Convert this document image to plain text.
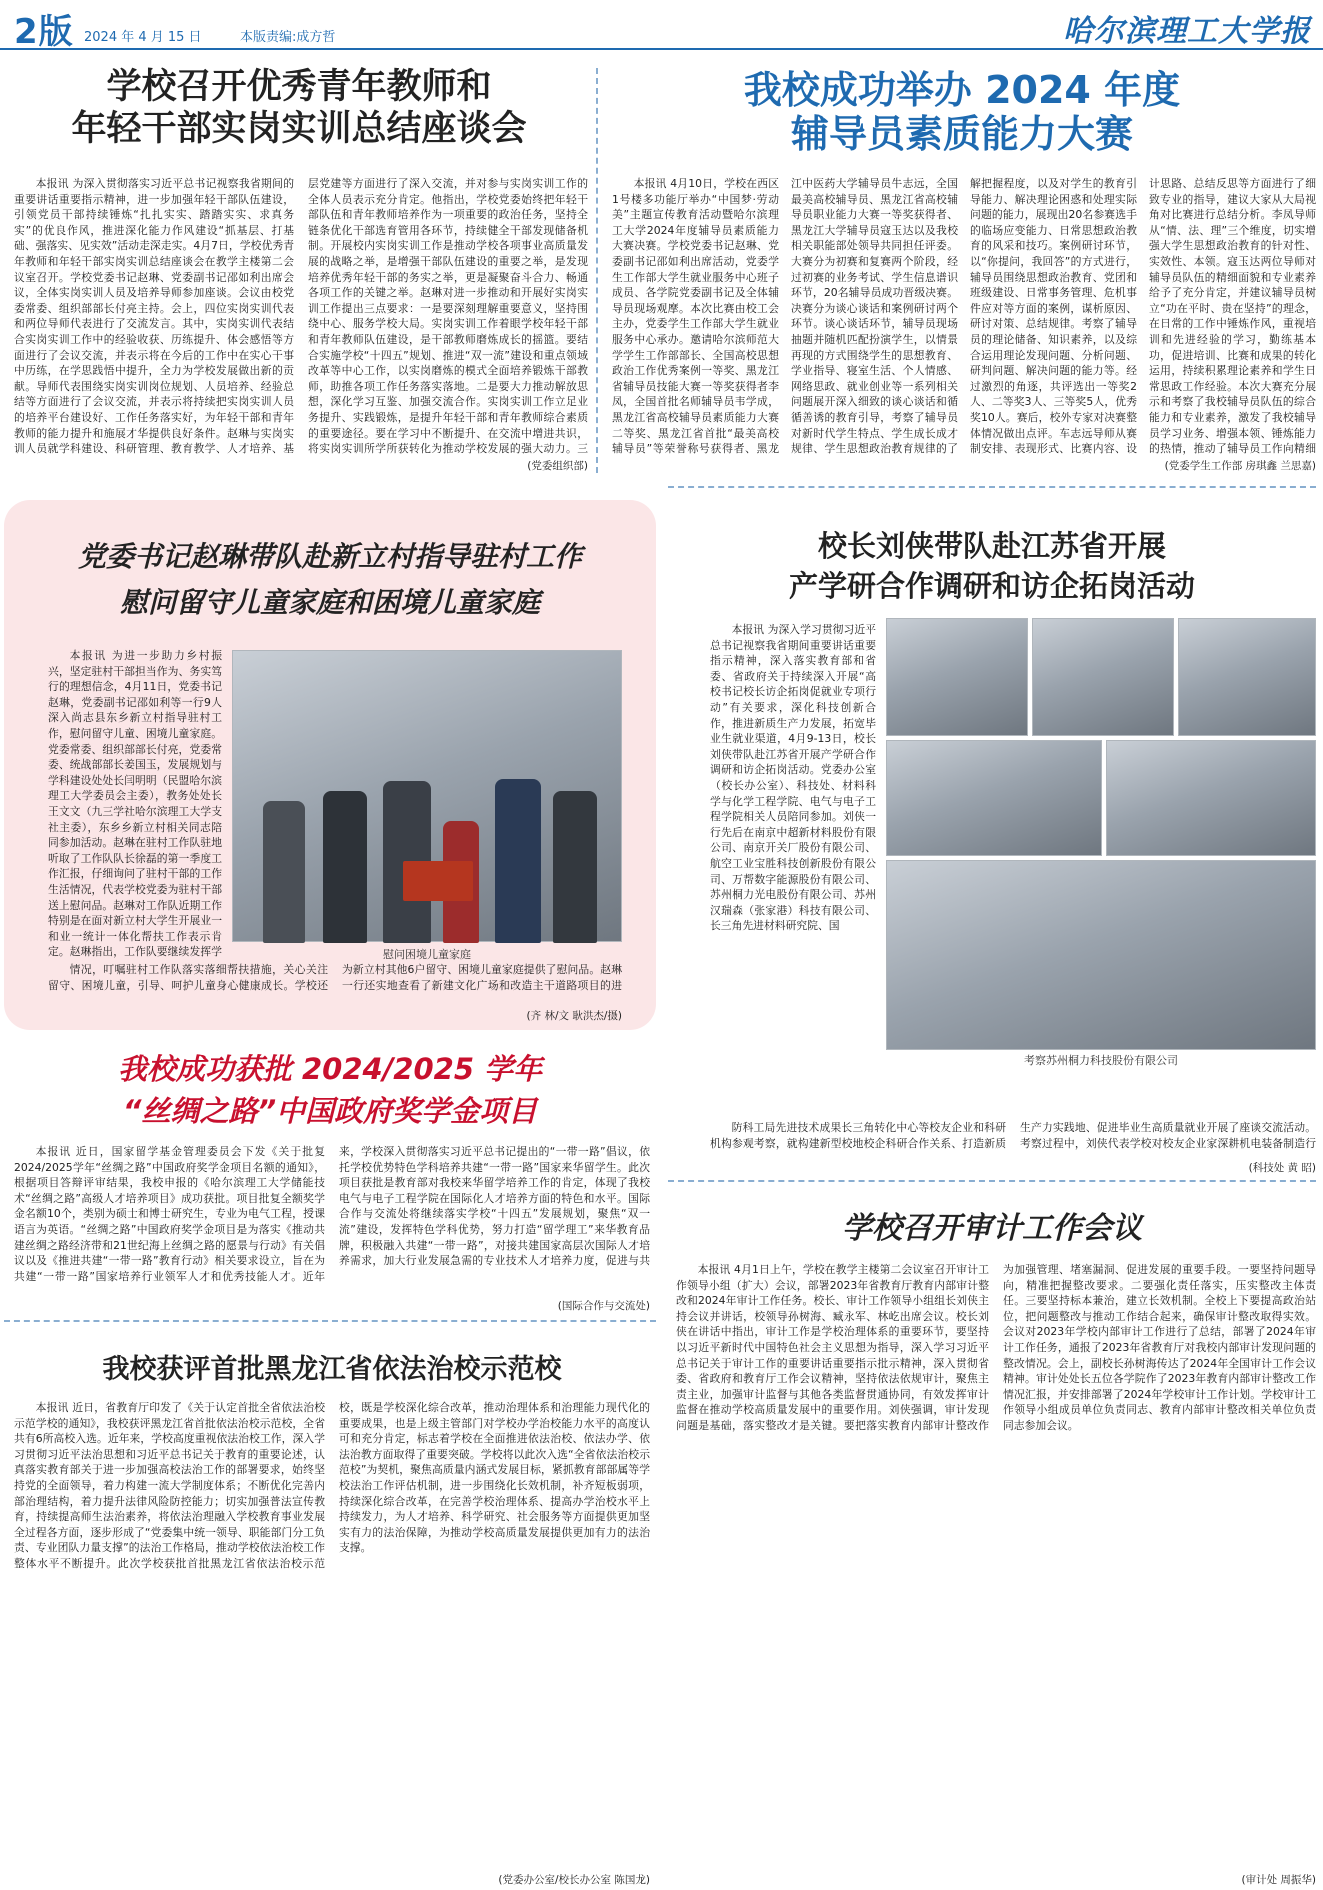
2版 2024 年 4 月 15 日	本版责编:成方哲	哈尔滨理工大学报
学校召开优秀青年教师和
年轻干部实岗实训总结座谈会

本报讯 为深入贯彻落实习近平总书记视察我省期间的重要讲话重要指示精神，进一步加强年轻干部队伍建设，引领党员干部持续锤炼“扎扎实实、踏踏实实、求真务实”的优良作风，推进深化能力作风建设“抓基层、打基础、强落实、见实效”活动走深走实。4月7日，学校优秀青年教师和年轻干部实岗实训总结座谈会在教学主楼第二会议室召开。学校党委书记赵琳、党委副书记邵如利出席会议，全体实岗实训人员及培养导师参加座谈。会议由校党委常委、组织部部长付亮主持。会上，四位实岗实训代表和两位导师代表进行了交流发言。其中，实岗实训代表结合实岗实训工作中的经验收获、历练提升、体会感悟等方面进行了会议交流，并表示将在今后的工作中在实心干事中历练，在学思践悟中提升，全力为学校发展做出新的贡献。导师代表围绕实岗实训岗位规划、人员培养、经验总结等方面进行了会议交流，并表示将持续把实岗实训人员的培养平台建设好、工作任务落实好，为年轻干部和青年教师的能力提升和施展才华提供良好条件。赵琳与实岗实训人员就学科建设、科研管理、教育教学、人才培养、基层党建等方面进行了深入交流，并对参与实岗实训工作的全体人员表示充分肯定。他指出，学校党委始终把年轻干部队伍和青年教师培养作为一项重要的政治任务，坚持全链条优化干部选育管用各环节，持续健全干部发现储备机制。开展校内实岗实训工作是推动学校各项事业高质量发展的战略之举，是增强干部队伍建设的重要之举，是发现培养优秀年轻干部的务实之举，更是凝聚奋斗合力、畅通各项工作的关键之举。赵琳对进一步推动和开展好实岗实训工作提出三点要求：一是要深刻理解重要意义，坚持围绕中心、服务学校大局。实岗实训工作着眼学校年轻干部和青年教师队伍建设，是干部教师磨炼成长的摇篮。要结合实施学校“十四五”规划、推进“双一流”建设和重点领域改革等中心工作，以实岗磨炼的模式全面培养锻炼干部教师，助推各项工作任务落实落地。二是要大力推动解放思想，深化学习互鉴、加强交流合作。实岗实训工作立足业务提升、实践锻炼，是提升年轻干部和青年教师综合素质的重要途径。要在学习中不断提升、在交流中增进共识，将实岗实训所学所获转化为推动学校发展的强大动力。三

(党委组织部)
我校成功举办 2024 年度
辅导员素质能力大赛

本报讯 4月10日，学校在西区1号楼多功能厅举办“中国梦·劳动美”主题宣传教育活动暨哈尔滨理工大学2024年度辅导员素质能力大赛决赛。学校党委书记赵琳、党委副书记邵如利出席活动，党委学生工作部大学生就业服务中心班子成员、各学院党委副书记及全体辅导员现场观摩。本次比赛由校工会主办，党委学生工作部大学生就业服务中心承办。邀请哈尔滨师范大学学生工作部部长、全国高校思想政治工作优秀案例一等奖、黑龙江省辅导员技能大赛一等奖获得者李凤，全国首批名师辅导员韦学成，黑龙江省高校辅导员素质能力大赛二等奖、黑龙江省首批“最美高校辅导员”等荣誉称号获得者、黑龙江中医药大学辅导员牛志远，全国最美高校辅导员、黑龙江省高校辅导员职业能力大赛一等奖获得者、黑龙江大学辅导员寇玉达以及我校相关职能部处领导共同担任评委。大赛分为初赛和复赛两个阶段，经过初赛的业务考试、学生信息谱识环节，20名辅导员成功晋级决赛。决赛分为谈心谈话和案例研讨两个环节。谈心谈话环节，辅导员现场抽题并随机匹配扮演学生，以情景再现的方式围绕学生的思想教育、学业指导、寝室生活、个人情感、网络思政、就业创业等一系列相关问题展开深入细致的谈心谈话和循循善诱的教育引导，考察了辅导员对新时代学生特点、学生成长成才规律、学生思想政治教育规律的了解把握程度，以及对学生的教育引导能力、解决理论困惑和处理实际问题的能力，展现出20名参赛选手的临场应变能力、日常思想政治教育的风采和技巧。案例研讨环节，以“你提问，我回答”的方式进行，辅导员围绕思想政治教育、党团和班级建设、日常事务管理、危机事件应对等方面的案例，谋析原因、研讨对策、总结规律。考察了辅导员的理论储备、知识素养，以及综合运用理论发现问题、分析问题、研判问题、解决问题的能力等。经过激烈的角逐，共评选出一等奖2人、二等奖3人、三等奖5人，优秀奖10人。赛后，校外专家对决赛整体情况做出点评。车志远导师从赛制安排、表现形式、比赛内容、设计思路、总结反思等方面进行了细致专业的指导，建议大家从大局视角对比赛进行总结分析。李凤导师从“情、法、理”三个维度，切实增强大学生思想政治教育的针对性、实效性、本领。寇玉达两位导师对辅导员队伍的精细面貌和专业素养给予了充分肯定，并建议辅导员树立“功在平时、贵在坚持”的理念，在日常的工作中锤炼作风，重视培训和先进经验的学习，勤练基本功，促进培训、比赛和成果的转化运用，持续积累理论素养和学生日常思政工作经验。本次大赛充分展示和考察了我校辅导员队伍的综合能力和专业素养，激发了我校辅导员学习业务、增强本领、锤炼能力的热情，推动了辅导员工作向精细

(党委学生工作部 房琪鑫 兰思嘉)
党委书记赵琳带队赴新立村指导驻村工作
慰问留守儿童家庭和困境儿童家庭

本报讯 为进一步助力乡村振兴，坚定驻村干部担当作为、务实笃行的理想信念，4月11日，党委书记赵琳，党委副书记邵如利等一行9人深入尚志县东乡新立村指导驻村工作，慰问留守儿童、困境儿童家庭。党委常委、组织部部长付亮，党委常委、统战部部长姜国玉，发展规划与学科建设处处长闫明明（民盟哈尔滨理工大学委员会主委），教务处处长王文文（九三学社哈尔滨理工大学支社主委），东乡乡新立村相关同志陪同参加活动。赵琳在驻村工作队驻地听取了工作队队长徐磊的第一季度工作汇报，仔细询问了驻村干部的工作生活情况，代表学校党委为驻村干部送上慰问品。赵琳对工作队近期工作特别是在面对新立村大学生开展业一和业一统计一体化帮扶工作表示肯定。赵琳指出，工作队要继续发挥学	慰问困境儿童家庭

情况，叮嘱驻村工作队落实落细帮扶措施，关心关注留守、困境儿童，引导、呵护儿童身心健康成长。学校还为新立村其他6户留守、困境儿童家庭提供了慰问品。赵琳一行还实地查看了新建文化广场和改造主干道路项目的进

(齐 林/文 耿洪杰/摄)
校长刘侠带队赴江苏省开展
产学研合作调研和访企拓岗活动

本报讯 为深入学习贯彻习近平总书记视察我省期间重要讲话重要指示精神，深入落实教育部和省委、省政府关于持续深入开展“高校书记校长访企拓岗促就业专项行动”有关要求，深化科技创新合作，推进新质生产力发展，拓宽毕业生就业渠道，4月9-13日，校长刘侠带队赴江苏省开展产学研合作调研和访企拓岗活动。党委办公室（校长办公室）、科技处、材料科学与化学工程学院、电气与电子工程学院相关人员陪同参加。刘侠一行先后在南京中超新材料股份有限公司、南京开关厂股份有限公司、航空工业宝胜科技创新股份有限公司、万帮数字能源股份有限公司、苏州桐力光电股份有限公司、苏州汉瑞森（张家港）科技有限公司、长三角先进材料研究院、国

考察苏州桐力科技股份有限公司

防科工局先进技术成果长三角转化中心等校友企业和科研机构参观考察，就构建新型校地校企科研合作关系、打造新质生产力实践地、促进毕业生高质量就业开展了座谈交流活动。考察过程中，刘侠代表学校对校友企业家深耕机电装备制造行

(科技处 黄 昭)
我校成功获批 2024/2025 学年
“丝绸之路”中国政府奖学金项目

本报讯 近日，国家留学基金管理委员会下发《关于批复2024/2025学年“丝绸之路”中国政府奖学金项目名额的通知》，根据项目答辩评审结果，我校申报的《哈尔滨理工大学储能技术“丝绸之路”高级人才培养项目》成功获批。项目批复全额奖学金名额10个，类别为硕士和博士研究生，专业为电气工程，授课语言为英语。“丝绸之路”中国政府奖学金项目是为落实《推动共建丝绸之路经济带和21世纪海上丝绸之路的愿景与行动》有关倡议以及《推进共建“一带一路”教育行动》相关要求设立，旨在为共建“一带一路”国家培养行业领军人才和优秀技能人才。近年来，学校深入贯彻落实习近平总书记提出的“一带一路”倡议，依托学校优势特色学科培养共建“一带一路”国家来华留学生。此次项目获批是教育部对我校来华留学培养工作的肯定，体现了我校电气与电子工程学院在国际化人才培养方面的特色和水平。国际合作与交流处将继续落实学校“十四五”发展规划，聚焦“双一流”建设，发挥特色学科优势，努力打造“留学理工”来华教育品牌，积极融入共建“一带一路”，对接共建国家高层次国际人才培养需求，加大行业发展急需的专业技术人才培养力度，促进与共

(国际合作与交流处)
我校获评首批黑龙江省依法治校示范校

本报讯 近日，省教育厅印发了《关于认定首批全省依法治校示范学校的通知》，我校获评黑龙江省首批依法治校示范校，全省共有6所高校入选。近年来，学校高度重视依法治校工作，深入学习贯彻习近平法治思想和习近平总书记关于教育的重要论述，认真落实教育部关于进一步加强高校法治工作的部署要求，始终坚持党的全面领导，着力构建一流大学制度体系；不断优化完善内部治理结构，着力提升法律风险防控能力；切实加强普法宣传教育，持续提高师生法治素养，将依法治理融入学校教育事业发展全过程各方面，逐步形成了“党委集中统一领导、职能部门分工负责、专业团队力量支撑”的法治工作格局，推动学校依法治校工作整体水平不断提升。此次学校获批首批黑龙江省依法治校示范校，既是学校深化综合改革，推动治理体系和治理能力现代化的重要成果，也是上级主管部门对学校办学治校能力水平的高度认可和充分肯定，标志着学校在全面推进依法治校、依法办学、依法治教方面取得了重要突破。学校将以此次入选“全省依法治校示范校”为契机，聚焦高质量内涵式发展目标，紧抓教育部部属等学校法治工作评估机制，进一步围绕化长效机制，补齐短板弱项，持续深化综合改革，在完善学校治理体系、提高办学治校水平上持续发力，为人才培养、科学研究、社会服务等方面提供更加坚实有力的法治保障，为推动学校高质量发展提供更加有力的法治支撑。

(党委办公室/校长办公室 陈国龙)
学校召开审计工作会议

本报讯 4月1日上午，学校在教学主楼第二会议室召开审计工作领导小组（扩大）会议，部署2023年省教育厅教育内部审计整改和2024年审计工作任务。校长、审计工作领导小组组长刘侠主持会议并讲话，校领导孙树海、臧永军、林屹出席会议。校长刘侠在讲话中指出，审计工作是学校治理体系的重要环节，要坚持以习近平新时代中国特色社会主义思想为指导，深入学习习近平总书记关于审计工作的重要讲话重要指示批示精神，深入贯彻省委、省政府和教育厅工作会议精神，坚持依法依规审计，聚焦主责主业，加强审计监督与其他各类监督贯通协同，有效发挥审计监督在推动学校高质量发展中的重要作用。刘侠强调，审计发现问题是基础，落实整改才是关键。要把落实教育内部审计整改作为加强管理、堵塞漏洞、促进发展的重要手段。一要坚持问题导向，精准把握整改要求。二要强化责任落实，压实整改主体责任。三要坚持标本兼治，建立长效机制。全校上下要提高政治站位，把问题整改与推动工作结合起来，确保审计整改取得实效。会议对2023年学校内部审计工作进行了总结，部署了2024年审计工作任务，通报了2023年省教育厅对我校内部审计发现问题的整改情况。会上，副校长孙树海传达了2024年全国审计工作会议精神。审计处处长五位各学院作了2023年教育内部审计整改工作情况汇报，并安排部署了2024年学校审计工作计划。学校审计工作领导小组成员单位负责同志、教育内部审计整改相关单位负责同志参加会议。

(审计处 周振华)
